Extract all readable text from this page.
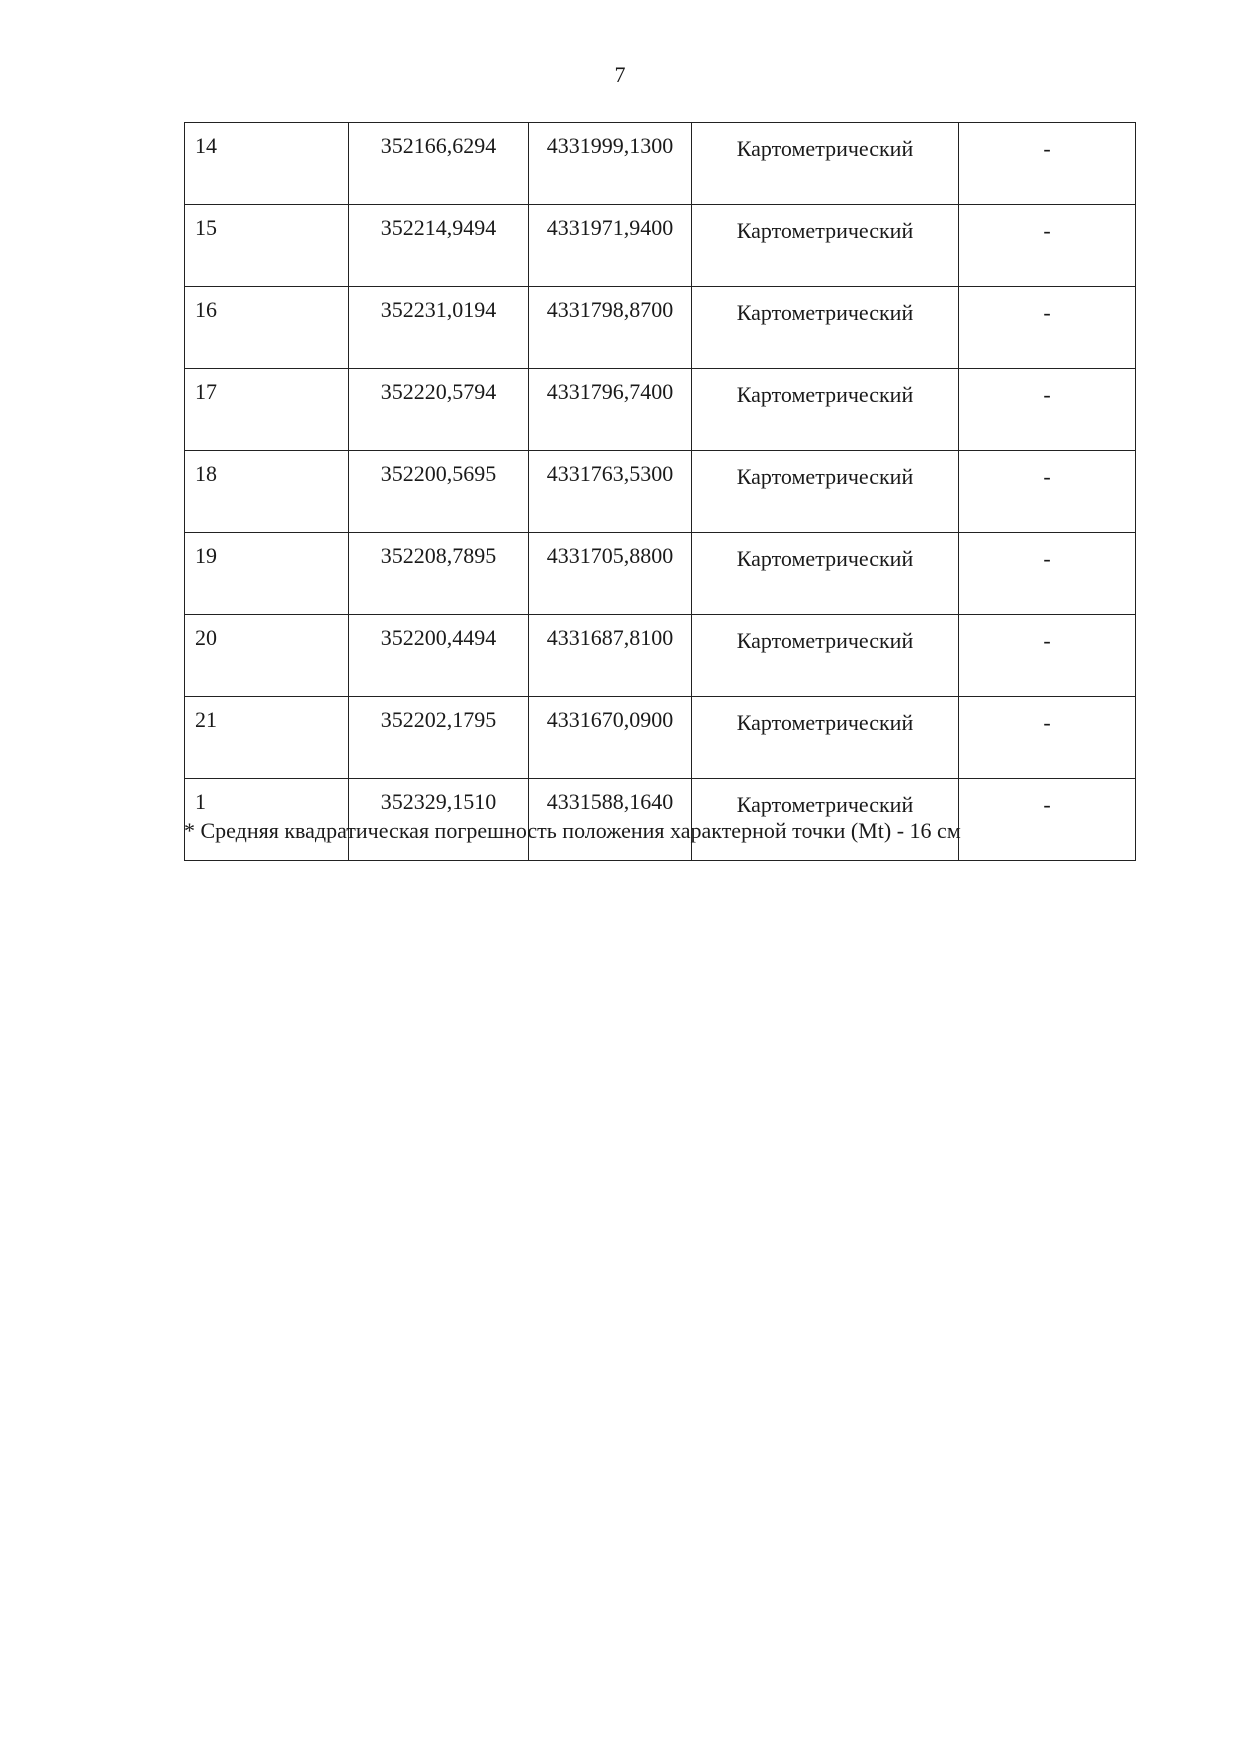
7
14	352166,6294	4331999,1300	Картометрический	-
15	352214,9494	4331971,9400	Картометрический	-
16	352231,0194	4331798,8700	Картометрический	-
17	352220,5794	4331796,7400	Картометрический	-
18	352200,5695	4331763,5300	Картометрический	-
19	352208,7895	4331705,8800	Картометрический	-
20	352200,4494	4331687,8100	Картометрический	-
21	352202,1795	4331670,0900	Картометрический	-
1	352329,1510	4331588,1640	Картометрический	-
* Средняя квадратическая погрешность положения характерной точки (Mt) - 16 см
